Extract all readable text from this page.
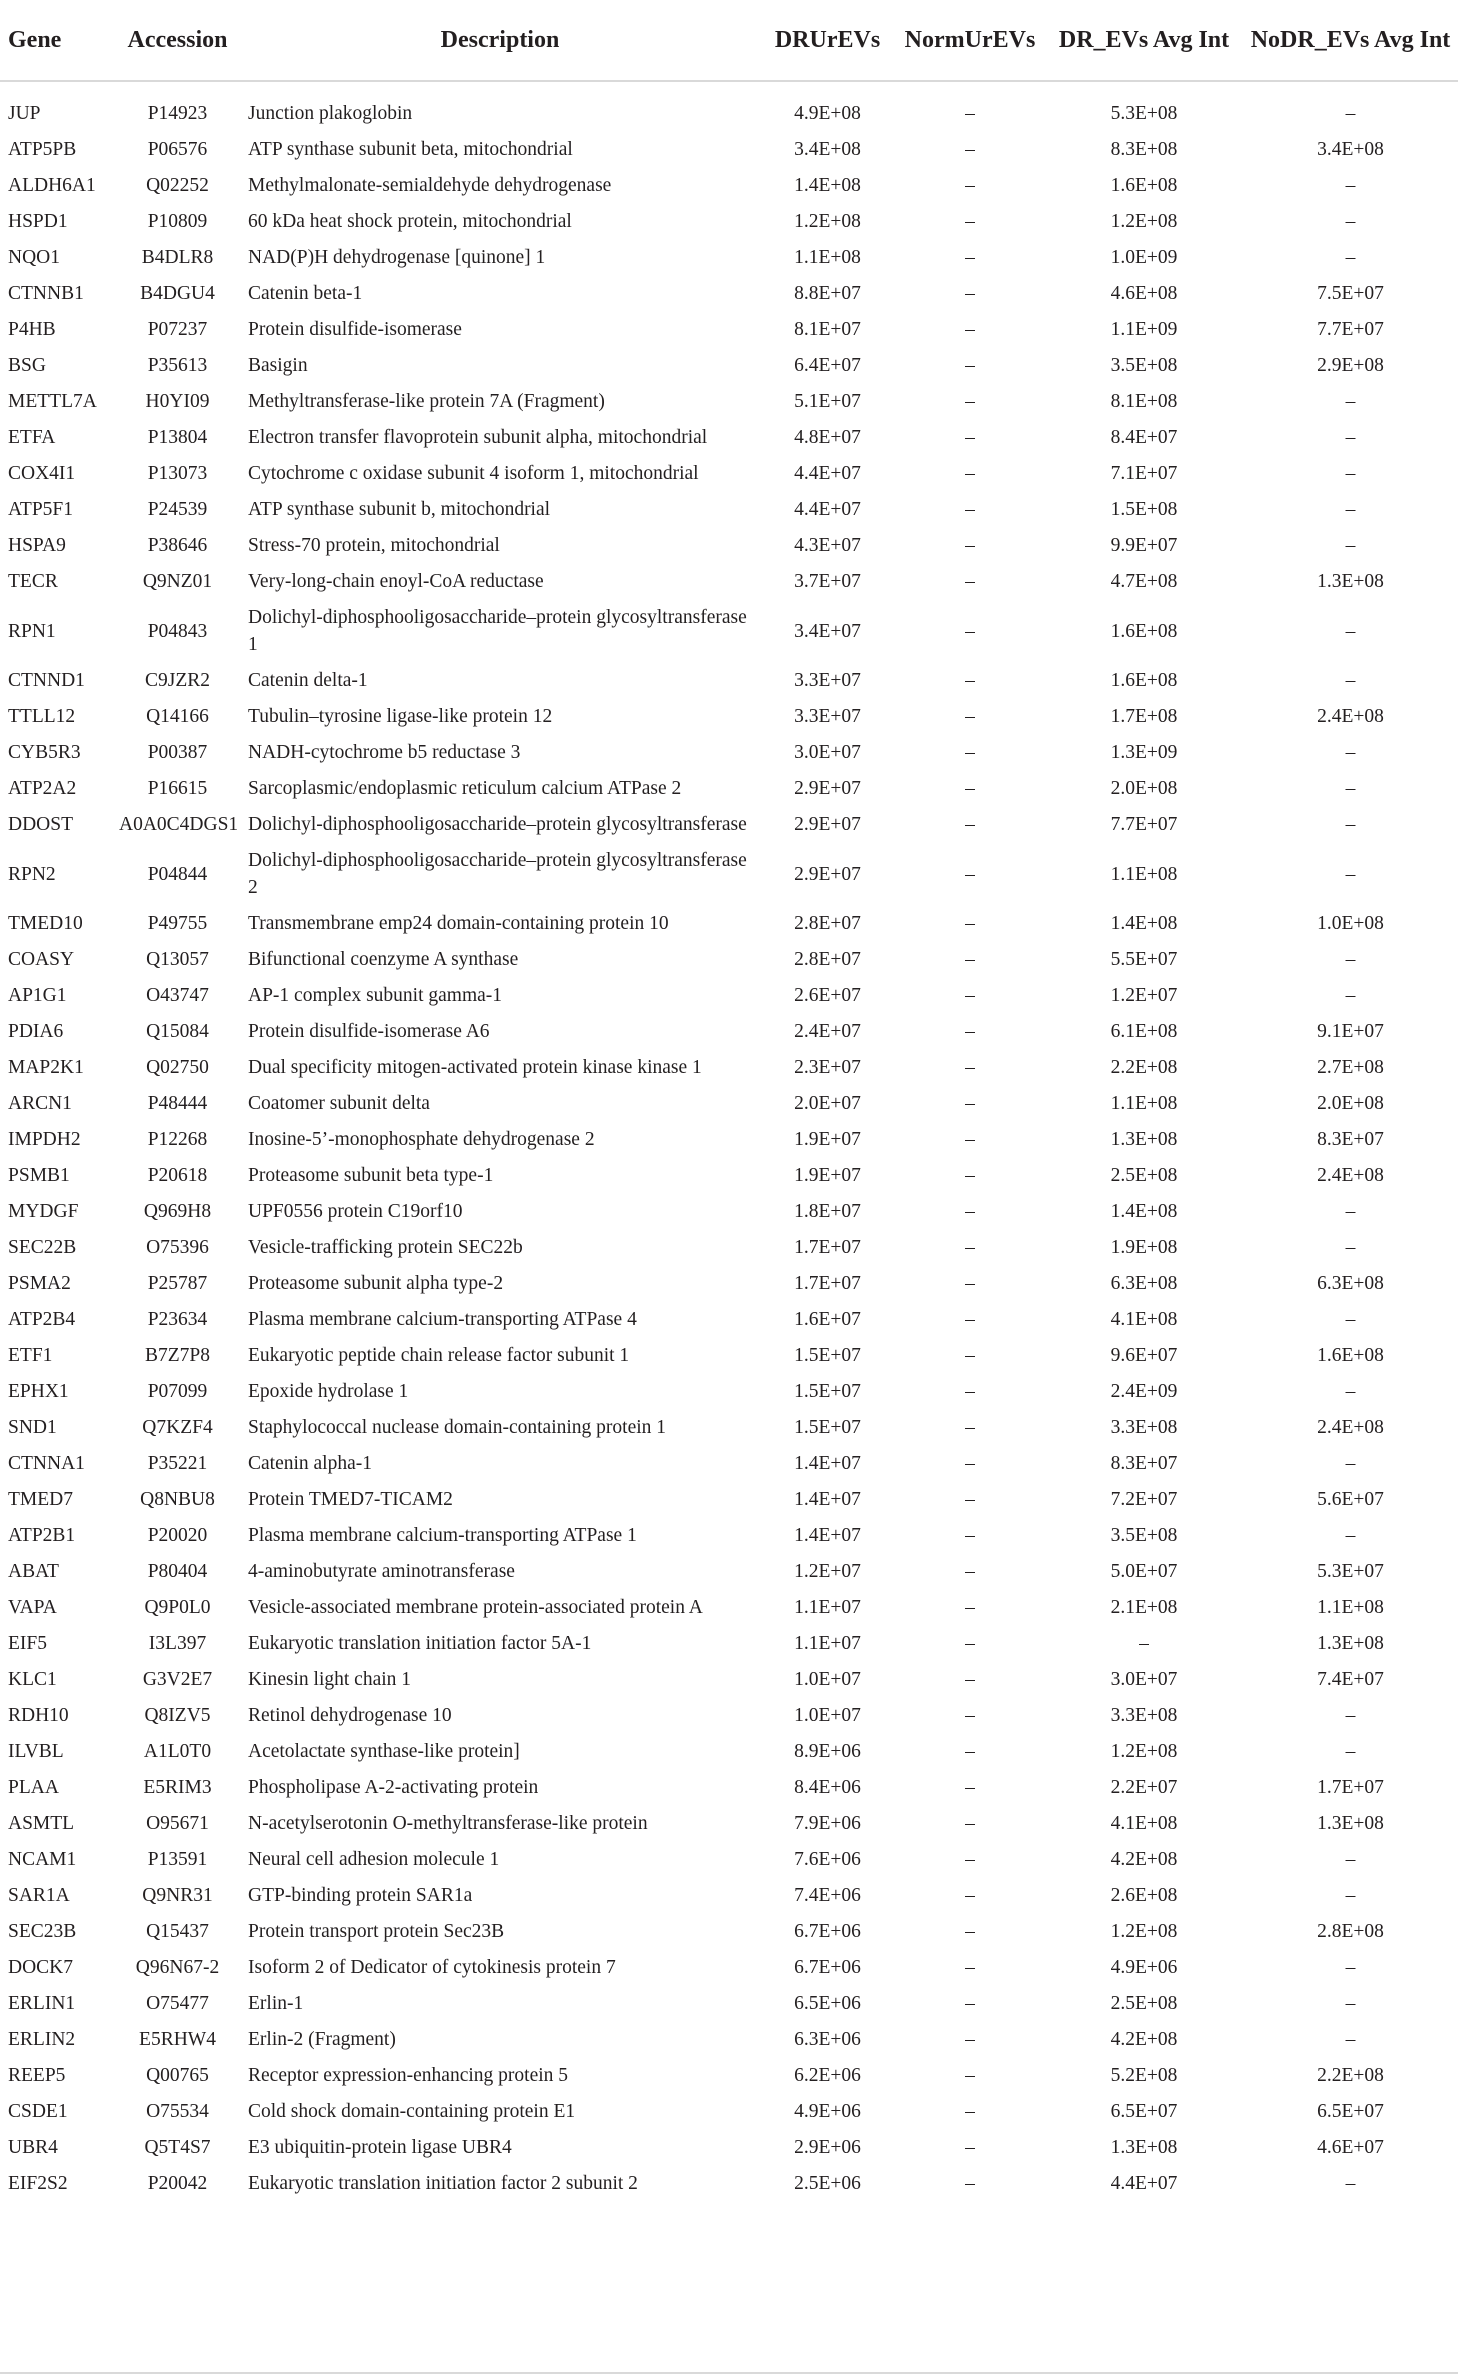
Gene	Accession	Description	DRUrEVs	NormUrEVs	DR_EVs Avg Int	NoDR_EVs Avg Int
JUP	P14923	Junction plakoglobin	4.9E+08	–	5.3E+08	–
ATP5PB	P06576	ATP synthase subunit beta, mitochondrial	3.4E+08	–	8.3E+08	3.4E+08
ALDH6A1	Q02252	Methylmalonate-semialdehyde dehydrogenase	1.4E+08	–	1.6E+08	–
HSPD1	P10809	60 kDa heat shock protein, mitochondrial	1.2E+08	–	1.2E+08	–
NQO1	B4DLR8	NAD(P)H dehydrogenase [quinone] 1	1.1E+08	–	1.0E+09	–
CTNNB1	B4DGU4	Catenin beta-1	8.8E+07	–	4.6E+08	7.5E+07
P4HB	P07237	Protein disulfide-isomerase	8.1E+07	–	1.1E+09	7.7E+07
BSG	P35613	Basigin	6.4E+07	–	3.5E+08	2.9E+08
METTL7A	H0YI09	Methyltransferase-like protein 7A (Fragment)	5.1E+07	–	8.1E+08	–
ETFA	P13804	Electron transfer flavoprotein subunit alpha, mitochondrial	4.8E+07	–	8.4E+07	–
COX4I1	P13073	Cytochrome c oxidase subunit 4 isoform 1, mitochondrial	4.4E+07	–	7.1E+07	–
ATP5F1	P24539	ATP synthase subunit b, mitochondrial	4.4E+07	–	1.5E+08	–
HSPA9	P38646	Stress-70 protein, mitochondrial	4.3E+07	–	9.9E+07	–
TECR	Q9NZ01	Very-long-chain enoyl-CoA reductase	3.7E+07	–	4.7E+08	1.3E+08
RPN1	P04843	Dolichyl-diphosphooligosaccharide–protein glycosyltransferase 1	3.4E+07	–	1.6E+08	–
CTNND1	C9JZR2	Catenin delta-1	3.3E+07	–	1.6E+08	–
TTLL12	Q14166	Tubulin–tyrosine ligase-like protein 12	3.3E+07	–	1.7E+08	2.4E+08
CYB5R3	P00387	NADH-cytochrome b5 reductase 3	3.0E+07	–	1.3E+09	–
ATP2A2	P16615	Sarcoplasmic/endoplasmic reticulum calcium ATPase 2	2.9E+07	–	2.0E+08	–
DDOST	A0A0C4DGS1	Dolichyl-diphosphooligosaccharide–protein glycosyltransferase	2.9E+07	–	7.7E+07	–
RPN2	P04844	Dolichyl-diphosphooligosaccharide–protein glycosyltransferase 2	2.9E+07	–	1.1E+08	–
TMED10	P49755	Transmembrane emp24 domain-containing protein 10	2.8E+07	–	1.4E+08	1.0E+08
COASY	Q13057	Bifunctional coenzyme A synthase	2.8E+07	–	5.5E+07	–
AP1G1	O43747	AP-1 complex subunit gamma-1	2.6E+07	–	1.2E+07	–
PDIA6	Q15084	Protein disulfide-isomerase A6	2.4E+07	–	6.1E+08	9.1E+07
MAP2K1	Q02750	Dual specificity mitogen-activated protein kinase kinase 1	2.3E+07	–	2.2E+08	2.7E+08
ARCN1	P48444	Coatomer subunit delta	2.0E+07	–	1.1E+08	2.0E+08
IMPDH2	P12268	Inosine-5’-monophosphate dehydrogenase 2	1.9E+07	–	1.3E+08	8.3E+07
PSMB1	P20618	Proteasome subunit beta type-1	1.9E+07	–	2.5E+08	2.4E+08
MYDGF	Q969H8	UPF0556 protein C19orf10	1.8E+07	–	1.4E+08	–
SEC22B	O75396	Vesicle-trafficking protein SEC22b	1.7E+07	–	1.9E+08	–
PSMA2	P25787	Proteasome subunit alpha type-2	1.7E+07	–	6.3E+08	6.3E+08
ATP2B4	P23634	Plasma membrane calcium-transporting ATPase 4	1.6E+07	–	4.1E+08	–
ETF1	B7Z7P8	Eukaryotic peptide chain release factor subunit 1	1.5E+07	–	9.6E+07	1.6E+08
EPHX1	P07099	Epoxide hydrolase 1	1.5E+07	–	2.4E+09	–
SND1	Q7KZF4	Staphylococcal nuclease domain-containing protein 1	1.5E+07	–	3.3E+08	2.4E+08
CTNNA1	P35221	Catenin alpha-1	1.4E+07	–	8.3E+07	–
TMED7	Q8NBU8	Protein TMED7-TICAM2	1.4E+07	–	7.2E+07	5.6E+07
ATP2B1	P20020	Plasma membrane calcium-transporting ATPase 1	1.4E+07	–	3.5E+08	–
ABAT	P80404	4-aminobutyrate aminotransferase	1.2E+07	–	5.0E+07	5.3E+07
VAPA	Q9P0L0	Vesicle-associated membrane protein-associated protein A	1.1E+07	–	2.1E+08	1.1E+08
EIF5	I3L397	Eukaryotic translation initiation factor 5A-1	1.1E+07	–	–	1.3E+08
KLC1	G3V2E7	Kinesin light chain 1	1.0E+07	–	3.0E+07	7.4E+07
RDH10	Q8IZV5	Retinol dehydrogenase 10	1.0E+07	–	3.3E+08	–
ILVBL	A1L0T0	Acetolactate synthase-like protein]	8.9E+06	–	1.2E+08	–
PLAA	E5RIM3	Phospholipase A-2-activating protein	8.4E+06	–	2.2E+07	1.7E+07
ASMTL	O95671	N-acetylserotonin O-methyltransferase-like protein	7.9E+06	–	4.1E+08	1.3E+08
NCAM1	P13591	Neural cell adhesion molecule 1	7.6E+06	–	4.2E+08	–
SAR1A	Q9NR31	GTP-binding protein SAR1a	7.4E+06	–	2.6E+08	–
SEC23B	Q15437	Protein transport protein Sec23B	6.7E+06	–	1.2E+08	2.8E+08
DOCK7	Q96N67-2	Isoform 2 of Dedicator of cytokinesis protein 7	6.7E+06	–	4.9E+06	–
ERLIN1	O75477	Erlin-1	6.5E+06	–	2.5E+08	–
ERLIN2	E5RHW4	Erlin-2 (Fragment)	6.3E+06	–	4.2E+08	–
REEP5	Q00765	Receptor expression-enhancing protein 5	6.2E+06	–	5.2E+08	2.2E+08
CSDE1	O75534	Cold shock domain-containing protein E1	4.9E+06	–	6.5E+07	6.5E+07
UBR4	Q5T4S7	E3 ubiquitin-protein ligase UBR4	2.9E+06	–	1.3E+08	4.6E+07
EIF2S2	P20042	Eukaryotic translation initiation factor 2 subunit 2	2.5E+06	–	4.4E+07	–
